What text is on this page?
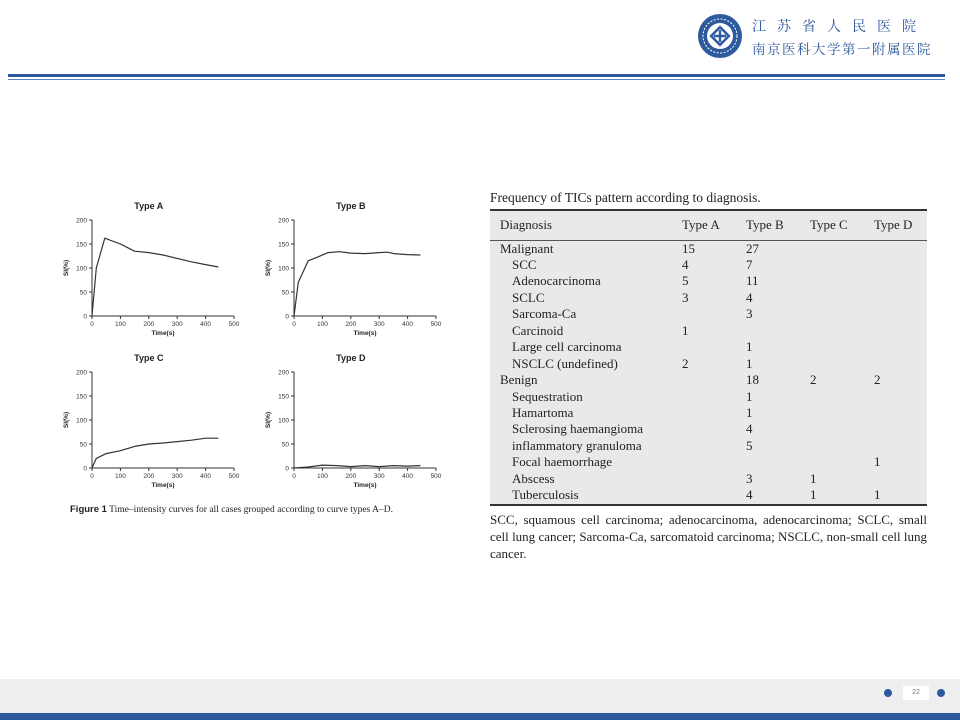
江苏省人民医院
南京医科大学第一附属医院
Type A
0
50
100
150
200
0	100	200	300	400	500
Time(s)
SI(%)
Type B
0
50
100
150
200
0	100	200	300	400	500
Time(s)
SI(%)
Type C
0
50
100
150
200
0	100	200	300	400	500
Time(s)
SI(%)
Type D
0
50
100
150
200
0	100	200	300	400	500
Time(s)
SI(%)
Figure 1 Time–intensity curves for all cases grouped according to curve types A–D.
Frequency of TICs pattern according to diagnosis.
Diagnosis	Type A	Type B	Type C	Type D
Malignant	15	27		
SCC	4	7		
Adenocarcinoma	5	11		
SCLC	3	4		
Sarcoma-Ca		3		
Carcinoid	1			
Large cell carcinoma		1		
NSCLC (undefined)	2	1		
Benign		18	2	2
Sequestration		1		
Hamartoma		1		
Sclerosing haemangioma		4		
inflammatory granuloma		5		
Focal haemorrhage				1
Abscess		3	1	
Tuberculosis		4	1	1
SCC, squamous cell carcinoma; adenocarcinoma, adenocarcinoma; SCLC, small cell lung cancer; Sarcoma-Ca, sarcomatoid carcinoma; NSCLC, non-small cell lung cancer.
22
